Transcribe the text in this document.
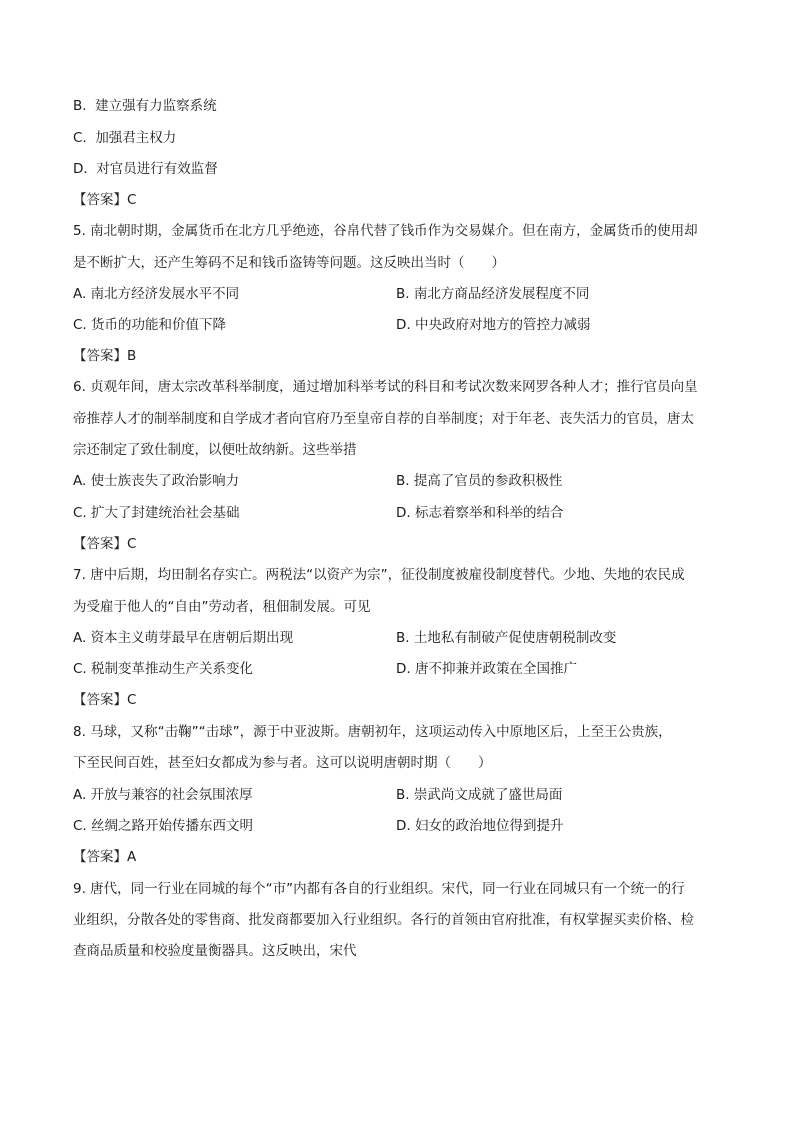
B. 建立强有力监察系统
C. 加强君主权力
D. 对官员进行有效监督
【答案】C
5. 南北朝时期，金属货币在北方几乎绝迹，谷帛代替了钱币作为交易媒介。但在南方，金属货币的使用却
是不断扩大，还产生筹码不足和钱币盗铸等问题。这反映出当时（　　）
A. 南北方经济发展水平不同	B. 南北方商品经济发展程度不同
C. 货币的功能和价值下降	D. 中央政府对地方的管控力减弱
【答案】B
6. 贞观年间，唐太宗改革科举制度，通过增加科举考试的科目和考试次数来网罗各种人才；推行官员向皇
帝推荐人才的制举制度和自学成才者向官府乃至皇帝自荐的自举制度；对于年老、丧失活力的官员，唐太
宗还制定了致仕制度，以便吐故纳新。这些举措
A. 使士族丧失了政治影响力	B. 提高了官员的参政积极性
C. 扩大了封建统治社会基础	D. 标志着察举和科举的结合
【答案】C
7. 唐中后期，均田制名存实亡。两税法“以资产为宗”，征役制度被雇役制度替代。少地、失地的农民成
为受雇于他人的“自由”劳动者，租佃制发展。可见
A. 资本主义萌芽最早在唐朝后期出现	B. 土地私有制破产促使唐朝税制改变
C. 税制变革推动生产关系变化	D. 唐不抑兼并政策在全国推广
【答案】C
8. 马球，又称“击鞠”“击球”，源于中亚波斯。唐朝初年，这项运动传入中原地区后，上至王公贵族，
下至民间百姓，甚至妇女都成为参与者。这可以说明唐朝时期（　　）
A. 开放与兼容的社会氛围浓厚	B. 崇武尚文成就了盛世局面
C. 丝绸之路开始传播东西文明	D. 妇女的政治地位得到提升
【答案】A
9. 唐代，同一行业在同城的每个“市”内都有各自的行业组织。宋代，同一行业在同城只有一个统一的行
业组织，分散各处的零售商、批发商都要加入行业组织。各行的首领由官府批准，有权掌握买卖价格、检
查商品质量和校验度量衡器具。这反映出，宋代
